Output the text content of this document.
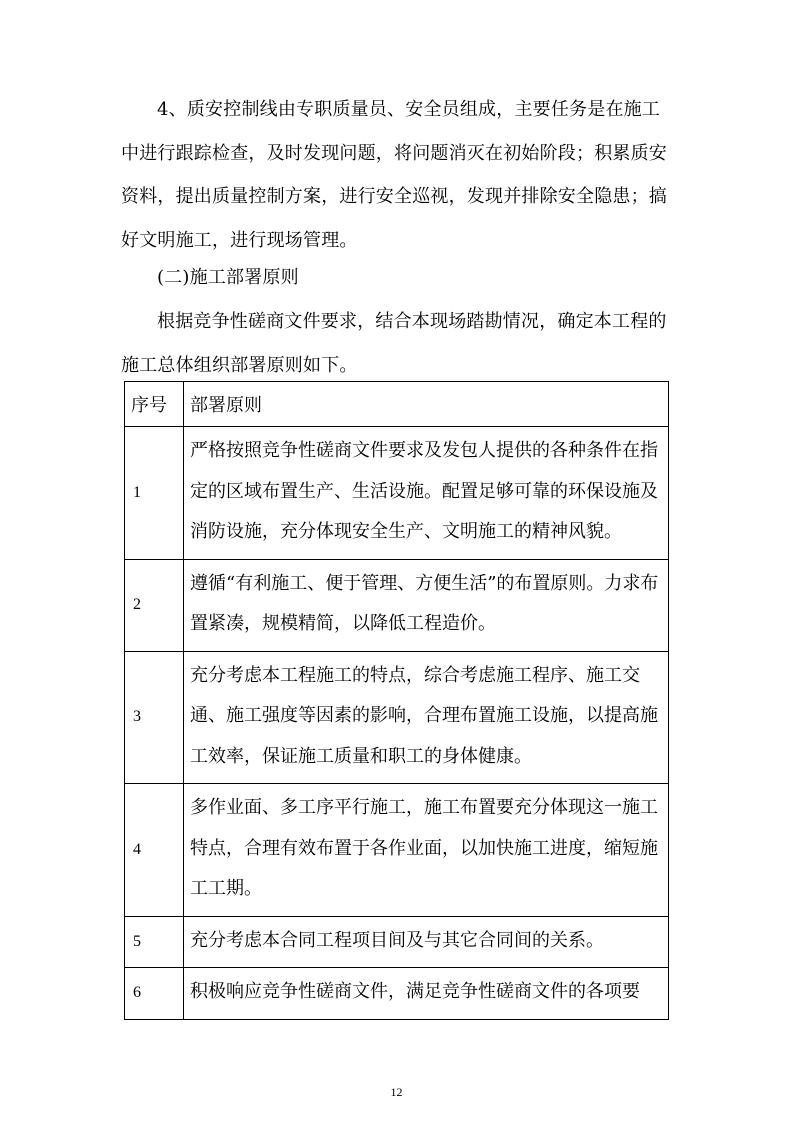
4、质安控制线由专职质量员、安全员组成，主要任务是在施工中进行跟踪检查，及时发现问题，将问题消灭在初始阶段；积累质安资料，提出质量控制方案，进行安全巡视，发现并排除安全隐患；搞好文明施工，进行现场管理。

(二)施工部署原则

根据竞争性磋商文件要求，结合本现场踏勘情况，确定本工程的施工总体组织部署原则如下。

序号	部署原则
1	严格按照竞争性磋商文件要求及发包人提供的各种条件在指定的区域布置生产、生活设施。配置足够可靠的环保设施及消防设施，充分体现安全生产、文明施工的精神风貌。

2	遵循“有利施工、便于管理、方便生活”的布置原则。力求布置紧凑，规模精简，以降低工程造价。

3	充分考虑本工程施工的特点，综合考虑施工程序、施工交通、施工强度等因素的影响，合理布置施工设施，以提高施工效率，保证施工质量和职工的身体健康。

4	多作业面、多工序平行施工，施工布置要充分体现这一施工特点，合理有效布置于各作业面，以加快施工进度，缩短施工工期。

5	充分考虑本合同工程项目间及与其它合同间的关系。

6	积极响应竞争性磋商文件，满足竞争性磋商文件的各项要
12
